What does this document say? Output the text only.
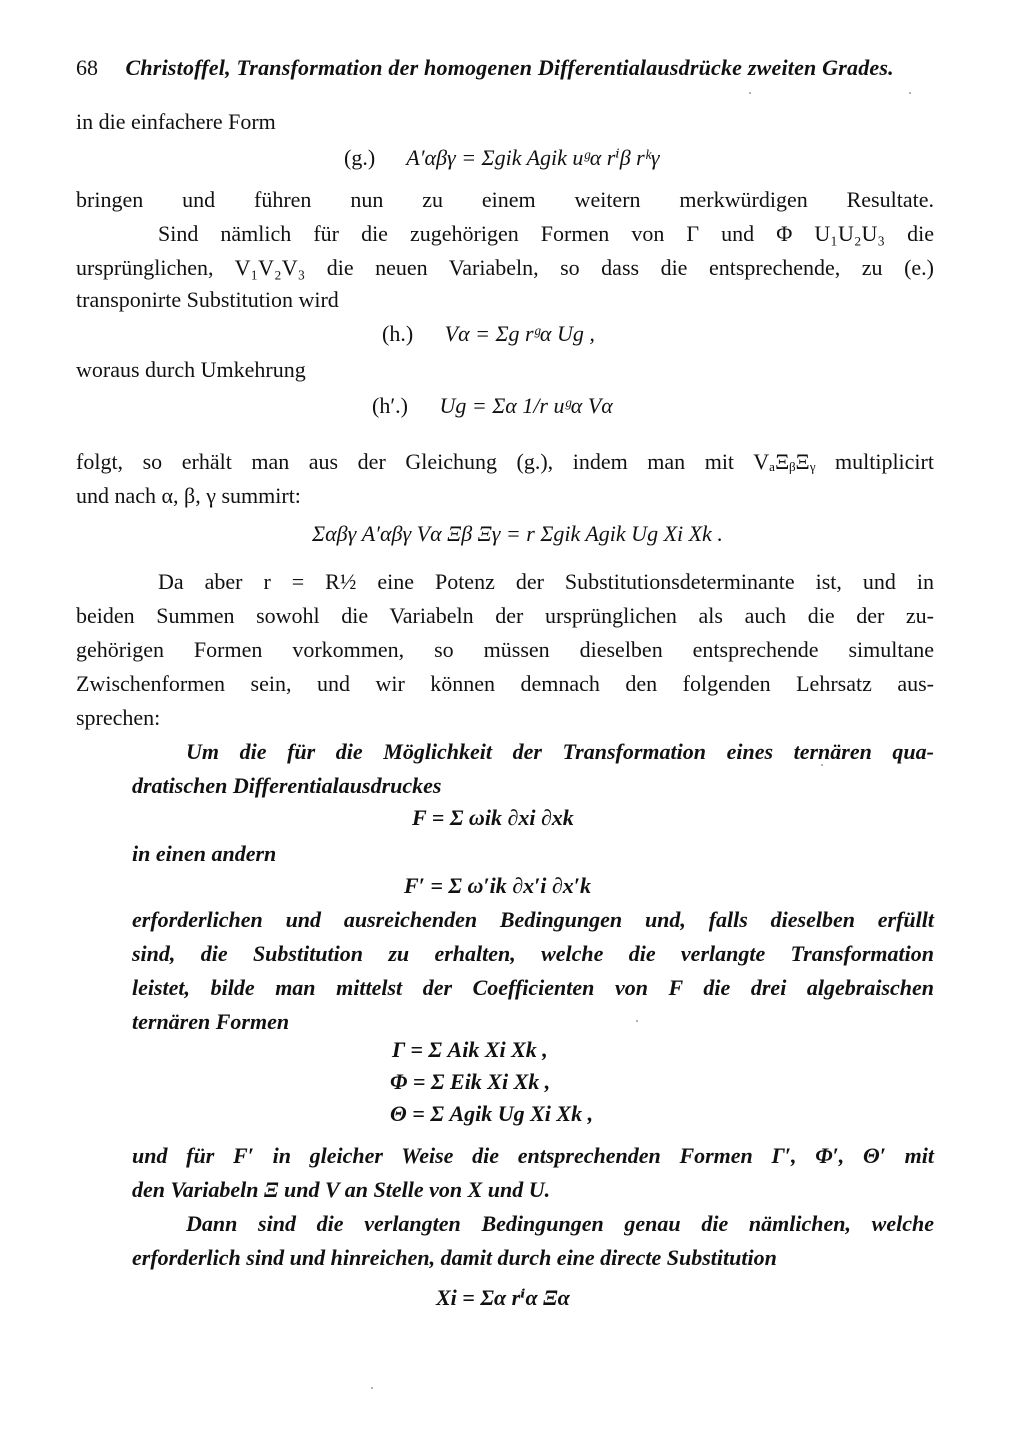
68 Christoffel, Transformation der homogenen Differentialausdrücke zweiten Grades.
in die einfachere Form
(g.) A′αβγ = Σgik Agik uᵍα rⁱβ rᵏγ
bringen und führen nun zu einem weitern merkwürdigen Resultate.
Sind nämlich für die zugehörigen Formen von Γ und Φ U₁U₂U₃ die
ursprünglichen, V₁V₂V₃ die neuen Variabeln, so dass die entsprechende, zu (e.)
transponirte Substitution wird
(h.) Vα = Σg rᵍα Ug ,
woraus durch Umkehrung
(h′.) Ug = Σα 1/r uᵍα Vα
folgt, so erhält man aus der Gleichung (g.), indem man mit VₐΞᵦΞᵧ multiplicirt
und nach α, β, γ summirt:
Σαβγ A′αβγ Vα Ξβ Ξγ = r Σgik Agik Ug Xi Xk .
Da aber r = R½ eine Potenz der Substitutionsdeterminante ist, und in
beiden Summen sowohl die Variabeln der ursprünglichen als auch die der zu-
gehörigen Formen vorkommen, so müssen dieselben entsprechende simultane
Zwischenformen sein, und wir können demnach den folgenden Lehrsatz aus-
sprechen:
Um die für die Möglichkeit der Transformation eines ternären qua-
dratischen Differentialausdruckes
F = Σ ωik ∂xi ∂xk
in einen andern
F′ = Σ ω′ik ∂x′i ∂x′k
erforderlichen und ausreichenden Bedingungen und, falls dieselben erfüllt
sind, die Substitution zu erhalten, welche die verlangte Transformation
leistet, bilde man mittelst der Coefficienten von F die drei algebraischen
ternären Formen
Γ = Σ Aik Xi Xk ,
Φ = Σ Eik Xi Xk ,
Θ = Σ Agik Ug Xi Xk ,
und für F′ in gleicher Weise die entsprechenden Formen Γ′, Φ′, Θ′ mit
den Variabeln Ξ und V an Stelle von X und U.
Dann sind die verlangten Bedingungen genau die nämlichen, welche
erforderlich sind und hinreichen, damit durch eine directe Substitution
Xi = Σα rⁱα Ξα
